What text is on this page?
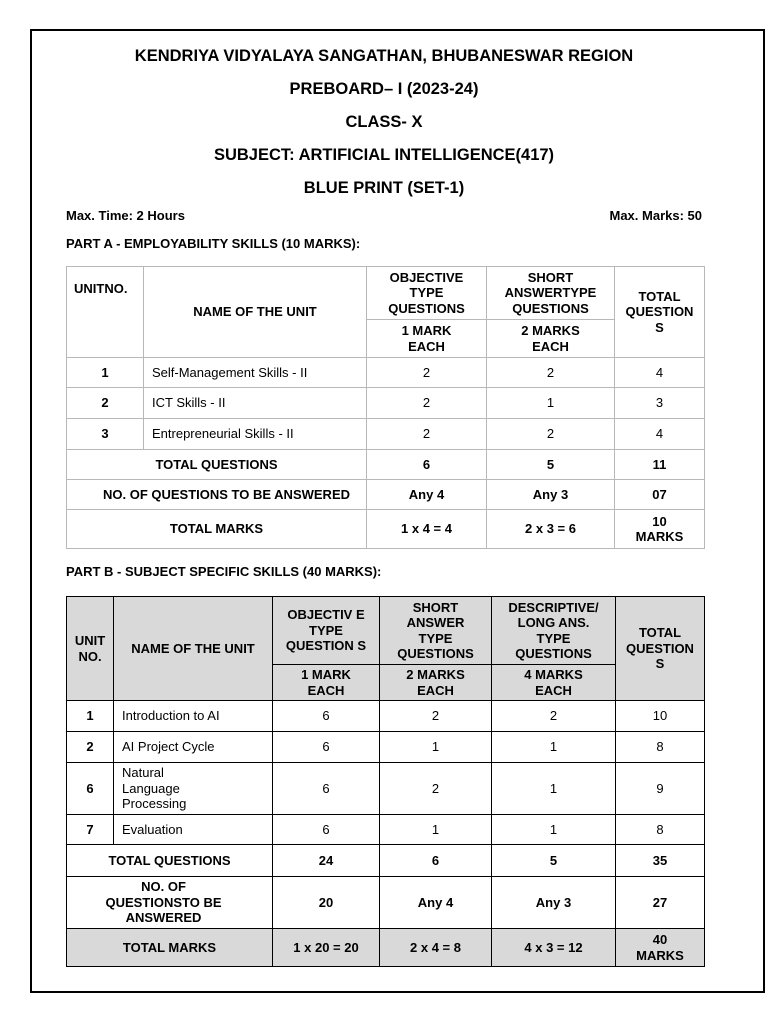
KENDRIYA VIDYALAYA SANGATHAN, BHUBANESWAR REGION
PREBOARD– I (2023-24)
CLASS- X
SUBJECT: ARTIFICIAL INTELLIGENCE(417)
BLUE PRINT (SET-1)
Max. Time: 2 Hours	Max. Marks: 50
PART A - EMPLOYABILITY SKILLS (10 MARKS):
UNITNO.	NAME OF THE UNIT	OBJECTIVE TYPE QUESTIONS	SHORT ANSWERTYPE QUESTIONS	TOTAL QUESTION S
		1 MARK EACH	2 MARKS EACH	
1	Self-Management Skills - II	2	2	4
2	ICT Skills - II	2	1	3
3	Entrepreneurial Skills - II	2	2	4
TOTAL QUESTIONS		6	5	11
NO. OF QUESTIONS TO BE ANSWERED		Any 4	Any 3	07
TOTAL MARKS		1 x 4 = 4	2 x 3 = 6	10 MARKS
PART B - SUBJECT SPECIFIC SKILLS (40 MARKS):
UNIT NO.	NAME OF THE UNIT	OBJECTIV E TYPE QUESTION S	SHORT ANSWER TYPE QUESTIONS	DESCRIPTIVE/ LONG ANS. TYPE QUESTIONS	TOTAL QUESTION S
		1 MARK EACH	2 MARKS EACH	4 MARKS EACH	
1	Introduction to AI	6	2	2	10
2	AI Project Cycle	6	1	1	8
6	Natural Language Processing	6	2	1	9
7	Evaluation	6	1	1	8
TOTAL QUESTIONS		24	6	5	35
NO. OF QUESTIONSTO BE ANSWERED		20	Any 4	Any 3	27
TOTAL MARKS		1 x 20 = 20	2 x 4 = 8	4 x 3 = 12	40 MARKS
